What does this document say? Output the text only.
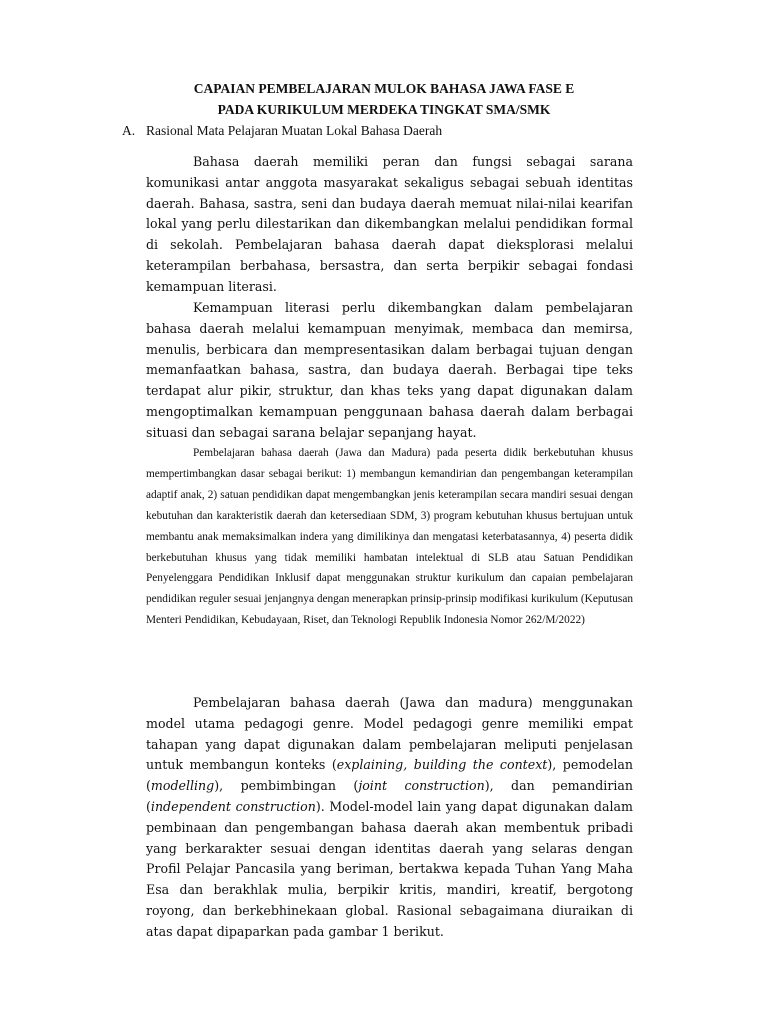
CAPAIAN PEMBELAJARAN MULOK BAHASA JAWA FASE E
PADA KURIKULUM MERDEKA TINGKAT SMA/SMK
A. Rasional Mata Pelajaran Muatan Lokal Bahasa Daerah

Bahasa daerah memiliki peran dan fungsi sebagai sarana komunikasi antar anggota masyarakat sekaligus sebagai sebuah identitas daerah. Bahasa, sastra, seni dan budaya daerah memuat nilai-nilai kearifan lokal yang perlu dilestarikan dan dikembangkan melalui pendidikan formal di sekolah. Pembelajaran bahasa daerah dapat dieksplorasi melalui keterampilan berbahasa, bersastra, dan serta berpikir sebagai fondasi kemampuan literasi.

Kemampuan literasi perlu dikembangkan dalam pembelajaran bahasa daerah melalui kemampuan menyimak, membaca dan memirsa, menulis, berbicara dan mempresentasikan dalam berbagai tujuan dengan memanfaatkan bahasa, sastra, dan budaya daerah. Berbagai tipe teks terdapat alur pikir, struktur, dan khas teks yang dapat digunakan dalam mengoptimalkan kemampuan penggunaan bahasa daerah dalam berbagai situasi dan sebagai sarana belajar sepanjang hayat.

Pembelajaran bahasa daerah (Jawa dan Madura) pada peserta didik berkebutuhan khusus mempertimbangkan dasar sebagai berikut: 1) membangun kemandirian dan pengembangan keterampilan adaptif anak, 2) satuan pendidikan dapat mengembangkan jenis keterampilan secara mandiri sesuai dengan kebutuhan dan karakteristik daerah dan ketersediaan SDM, 3) program kebutuhan khusus bertujuan untuk membantu anak memaksimalkan indera yang dimilikinya dan mengatasi keterbatasannya, 4) peserta didik berkebutuhan khusus yang tidak memiliki hambatan intelektual di SLB atau Satuan Pendidikan Penyelenggara Pendidikan Inklusif dapat menggunakan struktur kurikulum dan capaian pembelajaran pendidikan reguler sesuai jenjangnya dengan menerapkan prinsip-prinsip modifikasi kurikulum (Keputusan Menteri Pendidikan, Kebudayaan, Riset, dan Teknologi Republik Indonesia Nomor 262/M/2022)

Pembelajaran bahasa daerah (Jawa dan madura) menggunakan model utama pedagogi genre. Model pedagogi genre memiliki empat tahapan yang dapat digunakan dalam pembelajaran meliputi penjelasan untuk membangun konteks (explaining, building the context), pemodelan (modelling), pembimbingan (joint construction), dan pemandirian (independent construction). Model-model lain yang dapat digunakan dalam pembinaan dan pengembangan bahasa daerah akan membentuk pribadi yang berkarakter sesuai dengan identitas daerah yang selaras dengan Profil Pelajar Pancasila yang beriman, bertakwa kepada Tuhan Yang Maha Esa dan berakhlak mulia, berpikir kritis, mandiri, kreatif, bergotong royong, dan berkebhinekaan global. Rasional sebagaimana diuraikan di atas dapat dipaparkan pada gambar 1 berikut.
